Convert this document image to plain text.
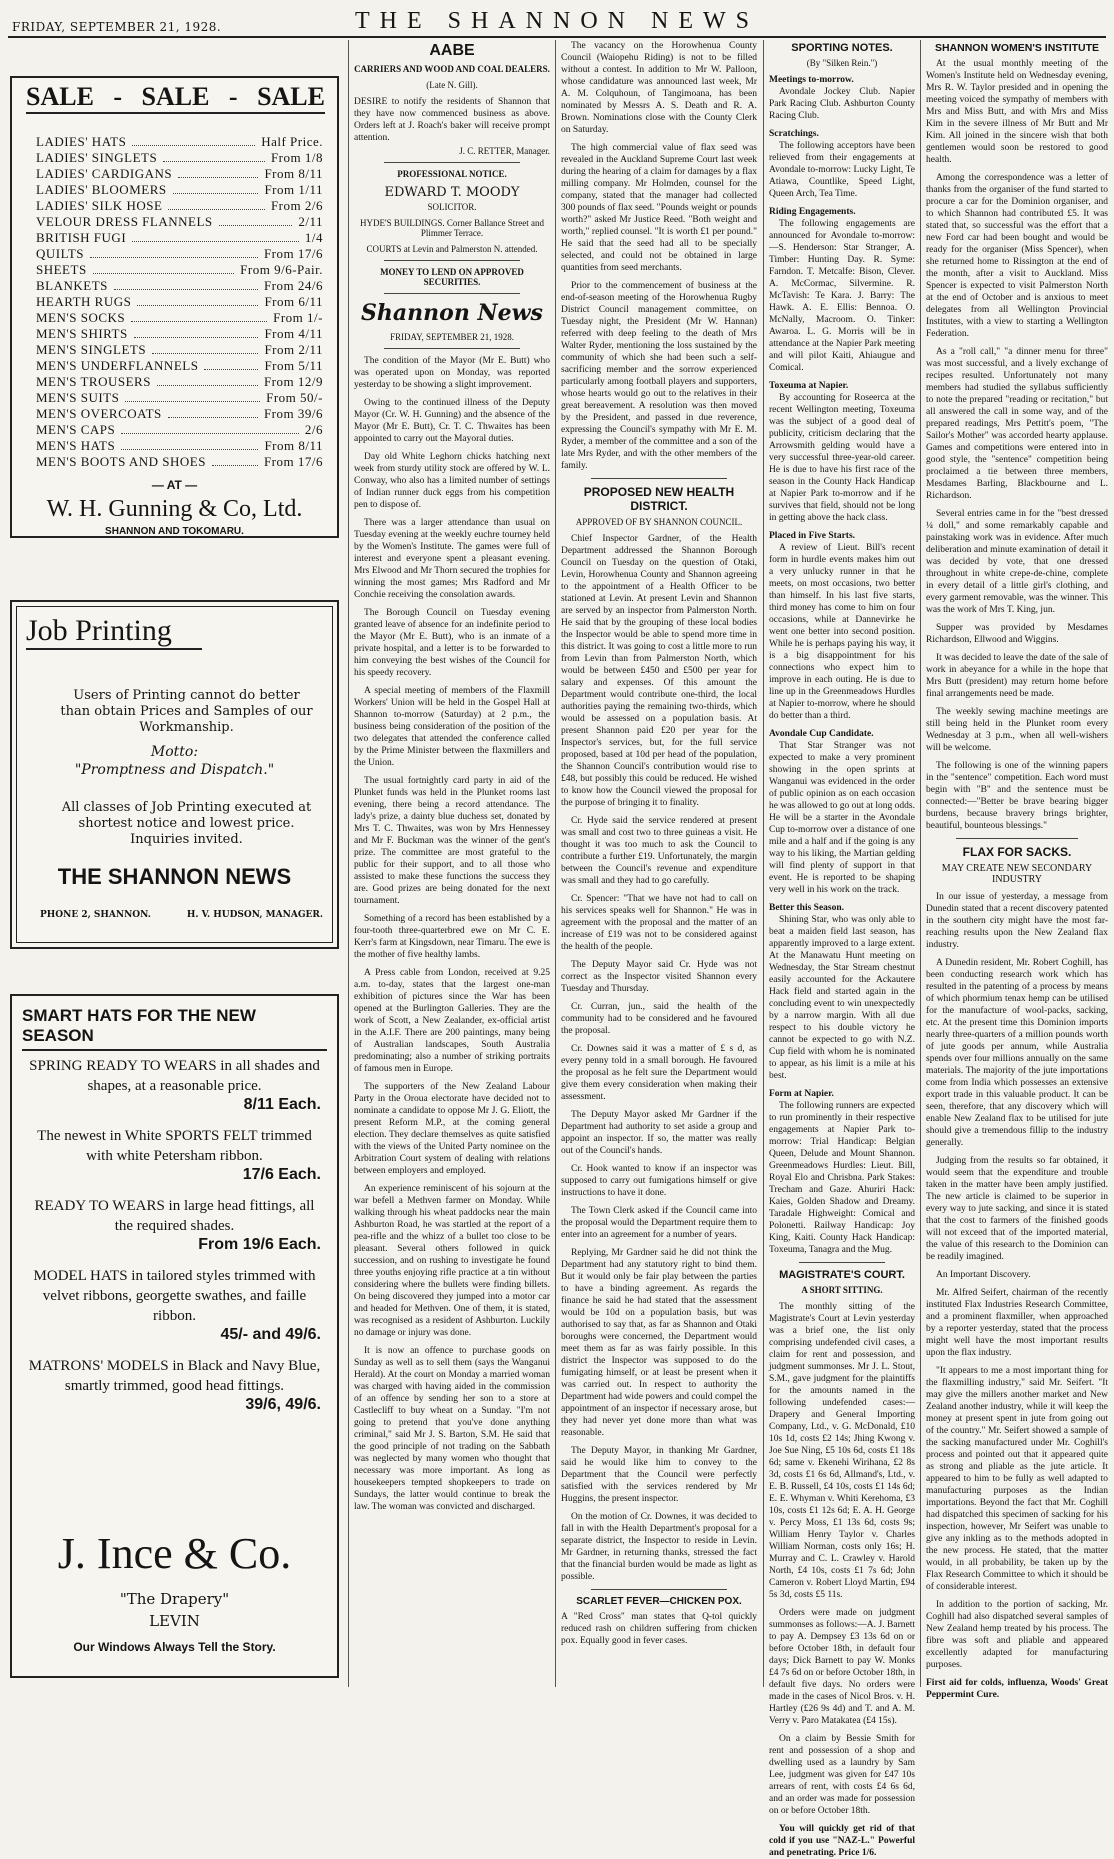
FRIDAY, SEPTEMBER 21, 1928.	THE SHANNON NEWS
SALE - SALE - SALE
LADIES' HATS	Half Price.
LADIES' SINGLETS	From 1/8
LADIES' CARDIGANS	From 8/11
LADIES' BLOOMERS	From 1/11
LADIES' SILK HOSE	From 2/6
VELOUR DRESS FLANNELS	2/11
BRITISH FUGI	1/4
QUILTS	From 17/6
SHEETS	From 9/6-Pair.
BLANKETS	From 24/6
HEARTH RUGS	From 6/11
MEN'S SOCKS	From 1/-
MEN'S SHIRTS	From 4/11
MEN'S SINGLETS	From 2/11
MEN'S UNDERFLANNELS	From 5/11
MEN'S TROUSERS	From 12/9
MEN'S SUITS	From 50/-
MEN'S OVERCOATS	From 39/6
MEN'S CAPS	2/6
MEN'S HATS	From 8/11
MEN'S BOOTS AND SHOES	From 17/6
— AT —
W. H. Gunning & Co, Ltd.
SHANNON AND TOKOMARU.
Job Printing
Users of Printing cannot do better than obtain Prices and Samples of our Workmanship.
Motto:
"Promptness and Dispatch."
All classes of Job Printing executed at shortest notice and lowest price. Inquiries invited.
THE SHANNON NEWS
PHONE 2, SHANNON.	H. V. HUDSON, MANAGER.
SMART HATS FOR THE NEW SEASON
SPRING READY TO WEARS in all shades and shapes, at a reasonable price.
8/11 Each.
The newest in White SPORTS FELT trimmed with white Petersham ribbon.
17/6 Each.
READY TO WEARS in large head fittings, all the required shades.
From 19/6 Each.
MODEL HATS in tailored styles trimmed with velvet ribbons, georgette swathes, and faille ribbon.
45/- and 49/6.
MATRONS' MODELS in Black and Navy Blue, smartly trimmed, good head fittings.
39/6, 49/6.
J. Ince & Co.
"The Drapery"
LEVIN
Our Windows Always Tell the Story.
AABE
CARRIERS AND WOOD AND COAL DEALERS.
(Late N. Gill).
DESIRE to notify the residents of Shannon that they have now commenced business as above. Orders left at J. Roach's baker will receive prompt attention.
J. C. RETTER, Manager.
PROFESSIONAL NOTICE.
EDWARD T. MOODY
SOLICITOR.
HYDE'S BUILDINGS. Corner Ballance Street and Plimmer Terrace.
COURTS at Levin and Palmerston N. attended.
MONEY TO LEND ON APPROVED SECURITIES.
Shannon News
FRIDAY, SEPTEMBER 21, 1928.

The condition of the Mayor (Mr E. Butt) who was operated upon on Monday, was reported yesterday to be showing a slight improvement.

Owing to the continued illness of the Deputy Mayor (Cr. W. H. Gunning) and the absence of the Mayor (Mr E. Butt), Cr. T. C. Thwaites has been appointed to carry out the Mayoral duties.

Day old White Leghorn chicks hatching next week from sturdy utility stock are offered by W. L. Conway, who also has a limited number of settings of Indian runner duck eggs from his competition pen to dispose of.

There was a larger attendance than usual on Tuesday evening at the weekly euchre tourney held by the Women's Institute. The games were full of interest and everyone spent a pleasant evening. Mrs Elwood and Mr Thorn secured the trophies for winning the most games; Mrs Radford and Mr Conchie receiving the consolation awards.

The Borough Council on Tuesday evening granted leave of absence for an indefinite period to the Mayor (Mr E. Butt), who is an inmate of a private hospital, and a letter is to be forwarded to him conveying the best wishes of the Council for his speedy recovery.

A special meeting of members of the Flaxmill Workers' Union will be held in the Gospel Hall at Shannon to-morrow (Saturday) at 2 p.m., the business being consideration of the position of the two delegates that attended the conference called by the Prime Minister between the flaxmillers and the Union.

The usual fortnightly card party in aid of the Plunket funds was held in the Plunket rooms last evening, there being a record attendance. The lady's prize, a dainty blue duchess set, donated by Mrs T. C. Thwaites, was won by Mrs Hennessey and Mr F. Buckman was the winner of the gent's prize. The committee are most grateful to the public for their support, and to all those who assisted to make these functions the success they are. Good prizes are being donated for the next tournament.

Something of a record has been established by a four-tooth three-quarterbred ewe on Mr C. E. Kerr's farm at Kingsdown, near Timaru. The ewe is the mother of five healthy lambs.

A Press cable from London, received at 9.25 a.m. to-day, states that the largest one-man exhibition of pictures since the War has been opened at the Burlington Galleries. They are the work of Scott, a New Zealander, ex-official artist in the A.I.F. There are 200 paintings, many being of Australian landscapes, South Australia predominating; also a number of striking portraits of famous men in Europe.

The supporters of the New Zealand Labour Party in the Oroua electorate have decided not to nominate a candidate to oppose Mr J. G. Eliott, the present Reform M.P., at the coming general election. They declare themselves as quite satisfied with the views of the United Party nominee on the Arbitration Court system of dealing with relations between employers and employed.

An experience reminiscent of his sojourn at the war befell a Methven farmer on Monday. While walking through his wheat paddocks near the main Ashburton Road, he was startled at the report of a pea-rifle and the whizz of a bullet too close to be pleasant. Several others followed in quick succession, and on rushing to investigate he found three youths enjoying rifle practice at a tin without considering where the bullets were finding billets. On being discovered they jumped into a motor car and headed for Methven. One of them, it is stated, was recognised as a resident of Ashburton. Luckily no damage or injury was done.

It is now an offence to purchase goods on Sunday as well as to sell them (says the Wanganui Herald). At the court on Monday a married woman was charged with having aided in the commission of an offence by sending her son to a store at Castlecliff to buy wheat on a Sunday. "I'm not going to pretend that you've done anything criminal," said Mr J. S. Barton, S.M. He said that the good principle of not trading on the Sabbath was neglected by many women who thought that necessary was more important. As long as housekeepers tempted shopkeepers to trade on Sundays, the latter would continue to break the law. The woman was convicted and discharged.

The vacancy on the Horowhenua County Council (Waiopehu Riding) is not to be filled without a contest. In addition to Mr W. Palloon, whose candidature was announced last week, Mr A. M. Colquhoun, of Tangimoana, has been nominated by Messrs A. S. Death and R. A. Brown. Nominations close with the County Clerk on Saturday.

The high commercial value of flax seed was revealed in the Auckland Supreme Court last week during the hearing of a claim for damages by a flax milling company. Mr Holmden, counsel for the company, stated that the manager had collected 300 pounds of flax seed. "Pounds weight or pounds worth?" asked Mr Justice Reed. "Both weight and worth," replied counsel. "It is worth £1 per pound." He said that the seed had all to be specially selected, and could not be obtained in large quantities from seed merchants.

Prior to the commencement of business at the end-of-season meeting of the Horowhenua Rugby District Council management committee, on Tuesday night, the President (Mr W. Hannan) referred with deep feeling to the death of Mrs Walter Ryder, mentioning the loss sustained by the community of which she had been such a self-sacrificing member and the sorrow experienced particularly among football players and supporters, whose hearts would go out to the relatives in their great bereavement. A resolution was then moved by the President, and passed in due reverence, expressing the Council's sympathy with Mr E. M. Ryder, a member of the committee and a son of the late Mrs Ryder, and with the other members of the family.

PROPOSED NEW HEALTH DISTRICT.
APPROVED OF BY SHANNON COUNCIL.

Chief Inspector Gardner, of the Health Department addressed the Shannon Borough Council on Tuesday on the question of Otaki, Levin, Horowhenua County and Shannon agreeing to the appointment of a Health Officer to be stationed at Levin. At present Levin and Shannon are served by an inspector from Palmerston North. He said that by the grouping of these local bodies the Inspector would be able to spend more time in this district. It was going to cost a little more to run from Levin than from Palmerston North, which would be between £450 and £500 per year for salary and expenses. Of this amount the Department would contribute one-third, the local authorities paying the remaining two-thirds, which would be assessed on a population basis. At present Shannon paid £20 per year for the Inspector's services, but, for the full service proposed, based at 10d per head of the population, the Shannon Council's contribution would rise to £48, but possibly this could be reduced. He wished to know how the Council viewed the proposal for the purpose of bringing it to finality.

Cr. Hyde said the service rendered at present was small and cost two to three guineas a visit. He thought it was too much to ask the Council to contribute a further £19. Unfortunately, the margin between the Council's revenue and expenditure was small and they had to go carefully.

Cr. Spencer: "That we have not had to call on his services speaks well for Shannon." He was in agreement with the proposal and the matter of an increase of £19 was not to be considered against the health of the people.

The Deputy Mayor said Cr. Hyde was not correct as the Inspector visited Shannon every Tuesday and Thursday.

Cr. Curran, jun., said the health of the community had to be considered and he favoured the proposal.

Cr. Downes said it was a matter of £ s d, as every penny told in a small borough. He favoured the proposal as he felt sure the Department would give them every consideration when making their assessment.

The Deputy Mayor asked Mr Gardner if the Department had authority to set aside a group and appoint an inspector. If so, the matter was really out of the Council's hands.

Cr. Hook wanted to know if an inspector was supposed to carry out fumigations himself or give instructions to have it done.

The Town Clerk asked if the Council came into the proposal would the Department require them to enter into an agreement for a number of years.

Replying, Mr Gardner said he did not think the Department had any statutory right to bind them. But it would only be fair play between the parties to have a binding agreement. As regards the finance he said he had stated that the assessment would be 10d on a population basis, but was authorised to say that, as far as Shannon and Otaki boroughs were concerned, the Department would meet them as far as was fairly possible. In this district the Inspector was supposed to do the fumigating himself, or at least be present when it was carried out. In respect to authority the Department had wide powers and could compel the appointment of an inspector if necessary arose, but they had never yet done more than what was reasonable.

The Deputy Mayor, in thanking Mr Gardner, said he would like him to convey to the Department that the Council were perfectly satisfied with the services rendered by Mr Huggins, the present inspector.

On the motion of Cr. Downes, it was decided to fall in with the Health Department's proposal for a separate district, the Inspector to reside in Levin. Mr Gardner, in returning thanks, stressed the fact that the financial burden would be made as light as possible.

SCARLET FEVER—CHICKEN POX.
A "Red Cross" man states that Q-tol quickly reduced rash on children suffering from chicken pox. Equally good in fever cases.
SPORTING NOTES.
(By "Silken Rein.")
Meetings to-morrow.

Avondale Jockey Club. Napier Park Racing Club. Ashburton County Racing Club.

Scratchings.

The following acceptors have been relieved from their engagements at Avondale to-morrow: Lucky Light, Te Atiawa, Countlike, Speed Light, Queen Arch, Tea Time.

Riding Engagements.

The following engagements are announced for Avondale to-morrow:—S. Henderson: Star Stranger, A. Timber: Hunting Day. R. Syme: Farndon. T. Metcalfe: Bison, Clever. A. McCormac, Silvermine. R. McTavish: Te Kara. J. Barry: The Hawk. A. E. Ellis: Bennoa. O. McNally, Macroom. O. Tinker: Awaroa. L. G. Morris will be in attendance at the Napier Park meeting and will pilot Kaiti, Ahiaugue and Comical.

Toxeuma at Napier.

By accounting for Roseerca at the recent Wellington meeting, Toxeuma was the subject of a good deal of publicity, criticism declaring that the Arrowsmith gelding would have a very successful three-year-old career. He is due to have his first race of the season in the County Hack Handicap at Napier Park to-morrow and if he survives that field, should not be long in getting above the hack class.

Placed in Five Starts.

A review of Lieut. Bill's recent form in hurdle events makes him out a very unlucky runner in that he meets, on most occasions, two better than himself. In his last five starts, third money has come to him on four occasions, while at Dannevirke he went one better into second position. While he is perhaps paying his way, it is a big disappointment for his connections who expect him to improve in each outing. He is due to line up in the Greenmeadows Hurdles at Napier to-morrow, where he should do better than a third.

Avondale Cup Candidate.

That Star Stranger was not expected to make a very prominent showing in the open sprints at Wanganui was evidenced in the order of public opinion as on each occasion he was allowed to go out at long odds. He will be a starter in the Avondale Cup to-morrow over a distance of one mile and a half and if the going is any way to his liking, the Martian gelding will find plenty of support in that event. He is reported to be shaping very well in his work on the track.

Better this Season.

Shining Star, who was only able to beat a maiden field last season, has apparently improved to a large extent. At the Manawatu Hunt meeting on Wednesday, the Star Stream chestnut easily accounted for the Ackautere Hack field and started again in the concluding event to win unexpectedly by a narrow margin. With all due respect to his double victory he cannot be expected to go with N.Z. Cup field with whom he is nominated to appear, as his limit is a mile at his best.

Form at Napier.

The following runners are expected to run prominently in their respective engagements at Napier Park to-morrow: Trial Handicap: Belgian Queen, Delude and Mount Shannon. Greenmeadows Hurdles: Lieut. Bill, Royal Elo and Chrisbna. Park Stakes: Trecham and Gaze. Ahuriri Hack: Kaies, Golden Shadow and Dreamy. Taradale Highweight: Comical and Polonetti. Railway Handicap: Joy King, Kaiti. County Hack Handicap: Toxeuma, Tanagra and the Mug.

MAGISTRATE'S COURT.
A SHORT SITTING.

The monthly sitting of the Magistrate's Court at Levin yesterday was a brief one, the list only comprising undefended civil cases, a claim for rent and possession, and judgment summonses. Mr J. L. Stout, S.M., gave judgment for the plaintiffs for the amounts named in the following undefended cases:—Drapery and General Importing Company, Ltd., v. G. McDonald, £10 10s 1d, costs £2 14s; Jhing Kwong v. Joe Sue Ning, £5 10s 6d, costs £1 18s 6d; same v. Ekenehi Wirihana, £2 8s 3d, costs £1 6s 6d, Allmand's, Ltd., v. E. B. Russell, £4 10s, costs £1 14s 6d; E. E. Whyman v. Whiti Kerehoma, £3 10s, costs £1 12s 6d; E. A. H. George v. Percy Moss, £1 13s 6d, costs 9s; William Henry Taylor v. Charles William Norman, costs only 16s; H. Murray and C. L. Crawley v. Harold North, £4 10s, costs £1 7s 6d; John Cameron v. Robert Lloyd Martin, £94 5s 3d, costs £5 11s.

Orders were made on judgment summonses as follows:—A. J. Barnett to pay A. Dempsey £3 13s 6d on or before October 18th, in default four days; Dick Barnett to pay W. Monks £4 7s 6d on or before October 18th, in default five days. No orders were made in the cases of Nicol Bros. v. H. Hartley (£26 9s 4d) and T. and A. M. Verry v. Paro Matakatea (£4 15s).

On a claim by Bessie Smith for rent and possession of a shop and dwelling used as a laundry by Sam Lee, judgment was given for £47 10s arrears of rent, with costs £4 6s 6d, and an order was made for possession on or before October 18th.

You will quickly get rid of that cold if you use "NAZ-L." Powerful and penetrating. Price 1/6.

SHANNON WOMEN'S INSTITUTE

At the usual monthly meeting of the Women's Institute held on Wednesday evening, Mrs R. W. Taylor presided and in opening the meeting voiced the sympathy of members with Mrs and Miss Butt, and with Mrs and Miss Kim in the severe illness of Mr Butt and Mr Kim. All joined in the sincere wish that both gentlemen would soon be restored to good health.

Among the correspondence was a letter of thanks from the organiser of the fund started to procure a car for the Dominion organiser, and to which Shannon had contributed £5. It was stated that, so successful was the effort that a new Ford car had been bought and would be ready for the organiser (Miss Spencer), when she returned home to Rissington at the end of the month, after a visit to Auckland. Miss Spencer is expected to visit Palmerston North at the end of October and is anxious to meet delegates from all Wellington Provincial Institutes, with a view to starting a Wellington Federation.

As a "roll call," "a dinner menu for three" was most successful, and a lively exchange of recipes resulted. Unfortunately not many members had studied the syllabus sufficiently to note the prepared "reading or recitation," but all answered the call in some way, and of the prepared readings, Mrs Pettitt's poem, "The Sailor's Mother" was accorded hearty applause. Games and competitions were entered into in good style, the "sentence" competition being proclaimed a tie between three members, Mesdames Barling, Blackbourne and L. Richardson.

Several entries came in for the "best dressed ¼ doll," and some remarkably capable and painstaking work was in evidence. After much deliberation and minute examination of detail it was decided by vote, that one dressed throughout in white crepe-de-chine, complete in every detail of a little girl's clothing, and every garment removable, was the winner. This was the work of Mrs T. King, jun.

Supper was provided by Mesdames Richardson, Ellwood and Wiggins.

It was decided to leave the date of the sale of work in abeyance for a while in the hope that Mrs Butt (president) may return home before final arrangements need be made.

The weekly sewing machine meetings are still being held in the Plunket room every Wednesday at 3 p.m., when all well-wishers will be welcome.

The following is one of the winning papers in the "sentence" competition. Each word must begin with "B" and the sentence must be connected:—"Better be brave bearing bigger burdens, because bravery brings brighter, beautiful, bounteous blessings."

FLAX FOR SACKS.
MAY CREATE NEW SECONDARY INDUSTRY

In our issue of yesterday, a message from Dunedin stated that a recent discovery patented in the southern city might have the most far-reaching results upon the New Zealand flax industry.

A Dunedin resident, Mr. Robert Coghill, has been conducting research work which has resulted in the patenting of a process by means of which phormium tenax hemp can be utilised for the manufacture of wool-packs, sacking, etc. At the present time this Dominion imports nearly three-quarters of a million pounds worth of jute goods per annum, while Australia spends over four millions annually on the same materials. The majority of the jute importations come from India which possesses an extensive export trade in this valuable product. It can be seen, therefore, that any discovery which will enable New Zealand flax to be utilised for jute should give a tremendous fillip to the industry generally.

Judging from the results so far obtained, it would seem that the expenditure and trouble taken in the matter have been amply justified. The new article is claimed to be superior in every way to jute sacking, and since it is stated that the cost to farmers of the finished goods will not exceed that of the imported material, the value of this research to the Dominion can be readily imagined.

An Important Discovery.

Mr. Alfred Seifert, chairman of the recently instituted Flax Industries Research Committee, and a prominent flaxmiller, when approached by a reporter yesterday, stated that the process might well have the most important results upon the flax industry.

"It appears to me a most important thing for the flaxmilling industry," said Mr. Seifert. "It may give the millers another market and New Zealand another industry, while it will keep the money at present spent in jute from going out of the country." Mr. Seifert showed a sample of the sacking manufactured under Mr. Coghill's process and pointed out that it appeared quite as strong and pliable as the jute article. It appeared to him to be fully as well adapted to manufacturing purposes as the Indian importations. Beyond the fact that Mr. Coghill had dispatched this specimen of sacking for his inspection, however, Mr Seifert was unable to give any inkling as to the methods adopted in the new process. He stated, that the matter would, in all probability, be taken up by the Flax Research Committee to which it should be of considerable interest.

In addition to the portion of sacking, Mr. Coghill had also dispatched several samples of New Zealand hemp treated by his process. The fibre was soft and pliable and appeared excellently adapted for manufacturing purposes.

First aid for colds, influenza, Woods' Great Peppermint Cure.
